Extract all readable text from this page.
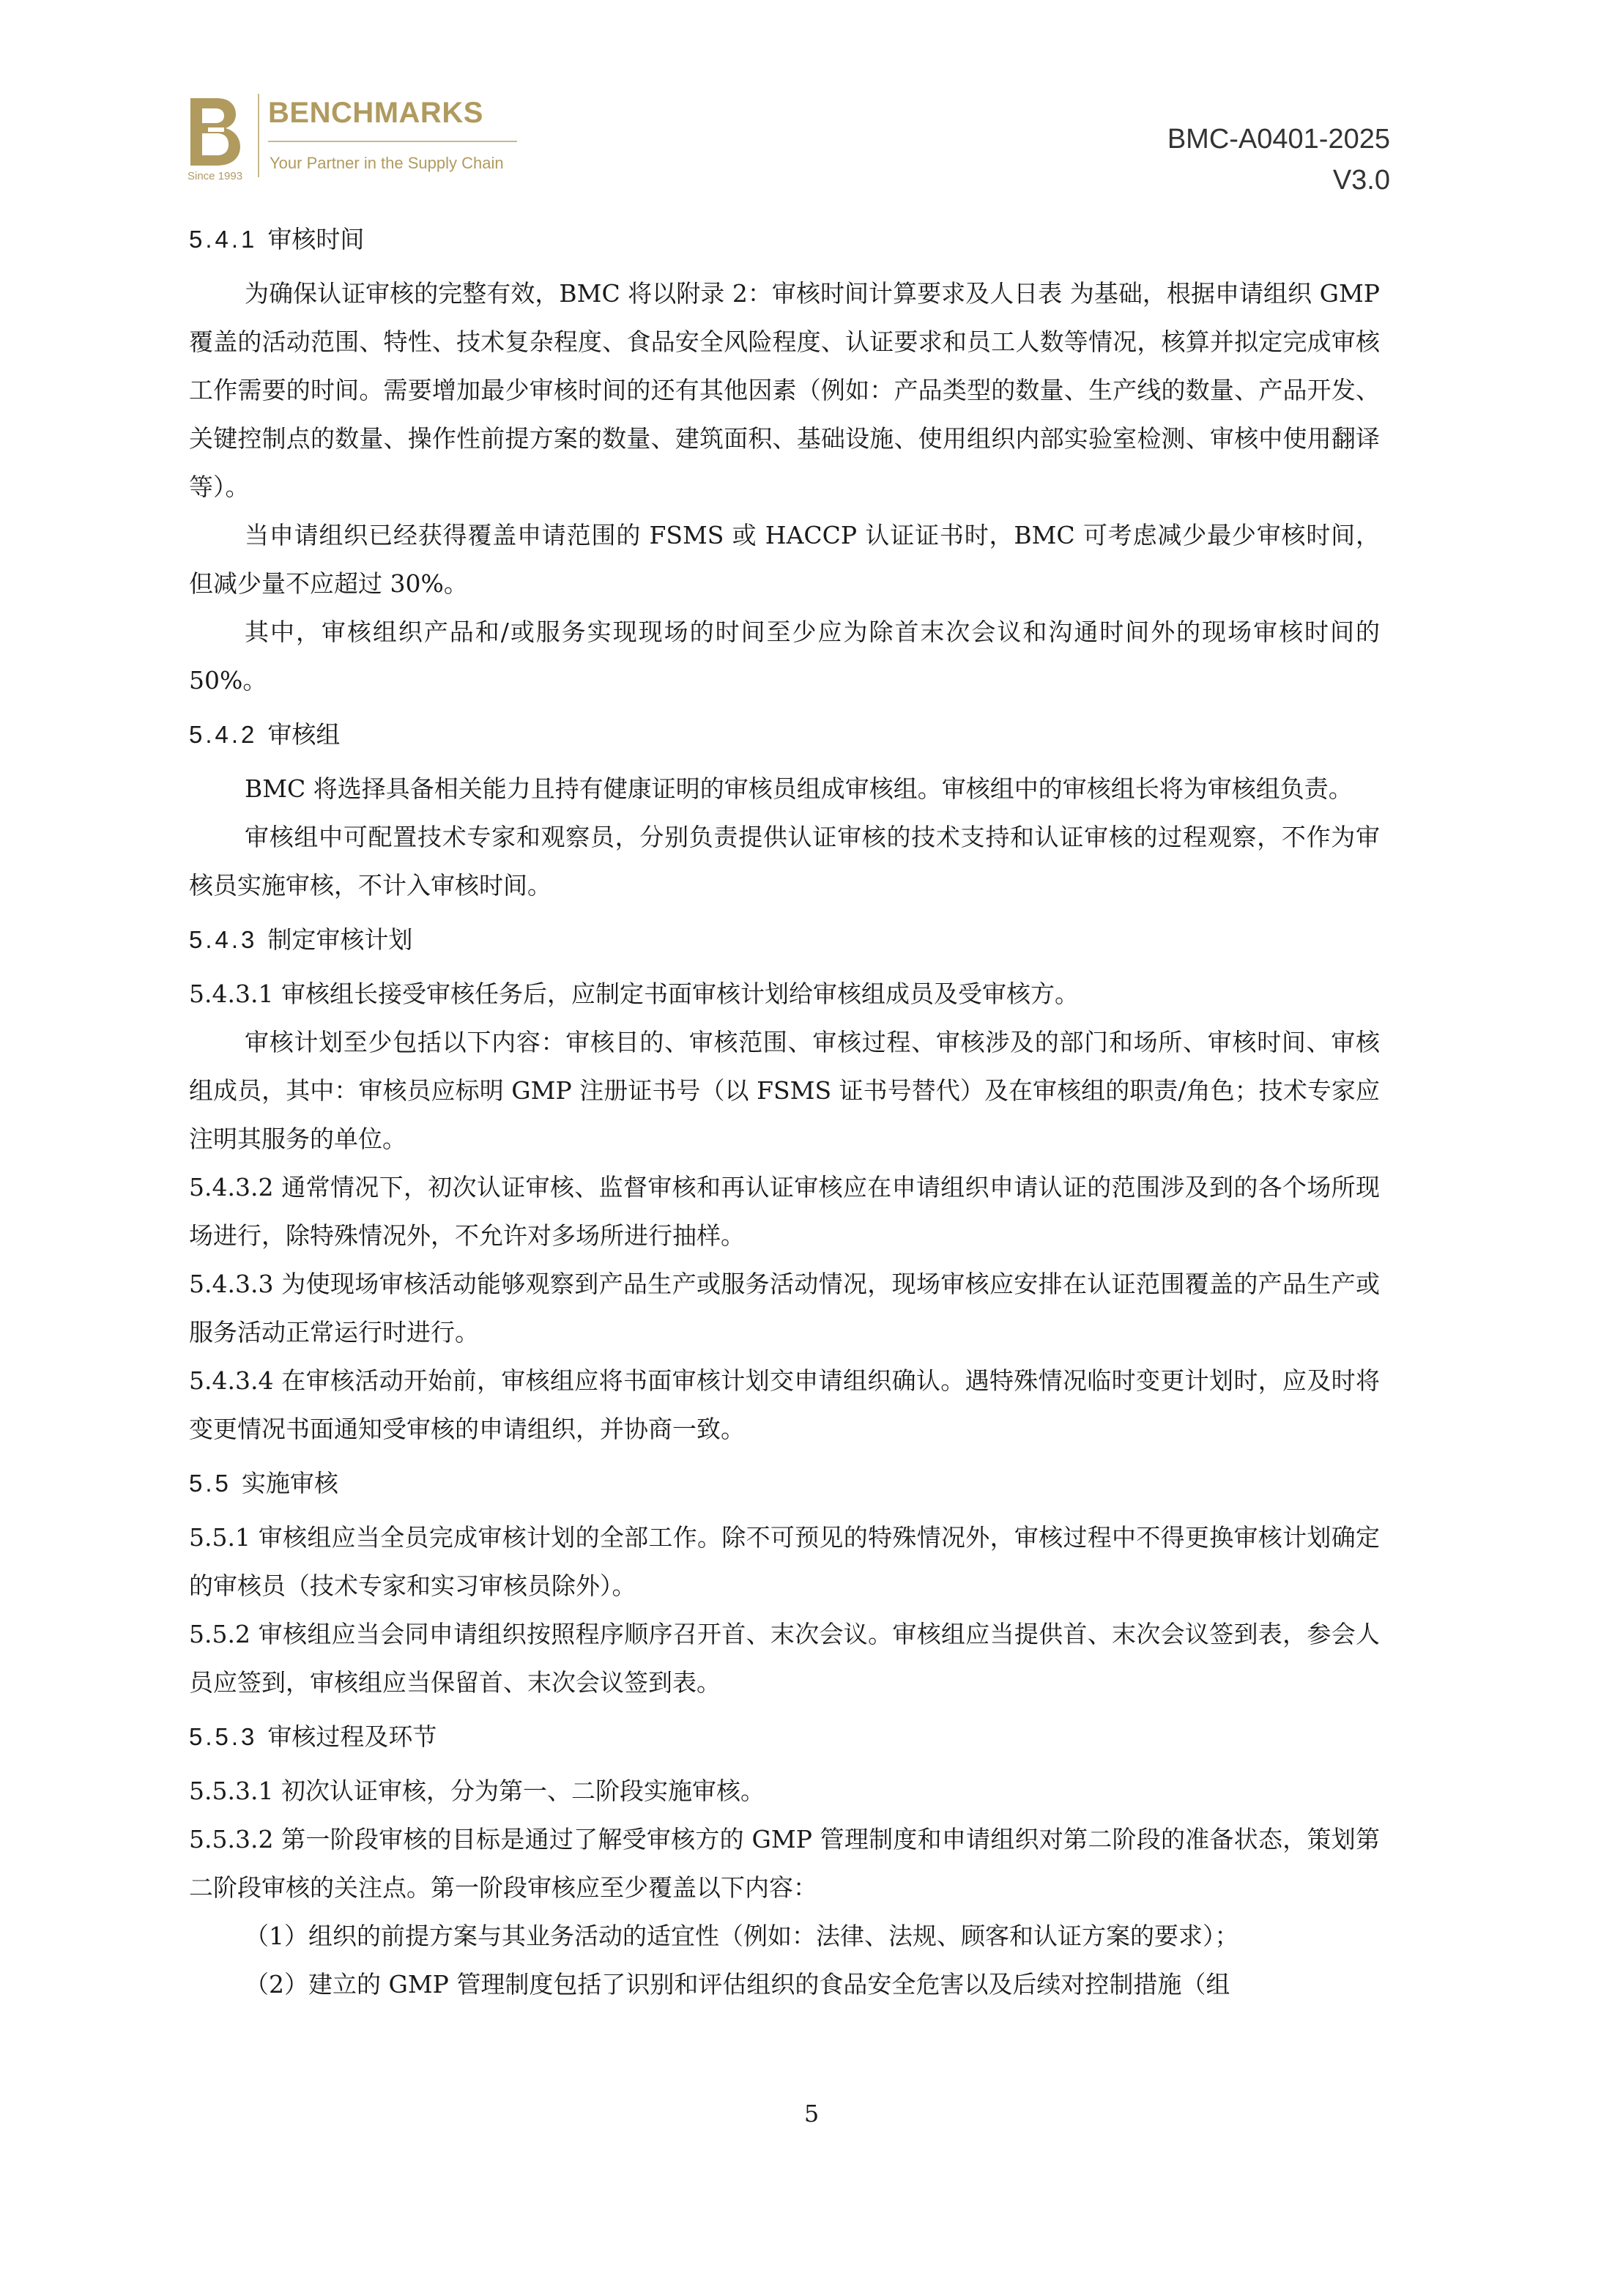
Since 1993
BENCHMARKS
Your Partner in the Supply Chain
BMC-A0401-2025
V3.0
5.4.1 审核时间

为确保认证审核的完整有效，BMC 将以附录 2：审核时间计算要求及人日表 为基础，根据申请组织 GMP 覆盖的活动范围、特性、技术复杂程度、食品安全风险程度、认证要求和员工人数等情况，核算并拟定完成审核工作需要的时间。需要增加最少审核时间的还有其他因素（例如：产品类型的数量、生产线的数量、产品开发、关键控制点的数量、操作性前提方案的数量、建筑面积、基础设施、使用组织内部实验室检测、审核中使用翻译等）。

当申请组织已经获得覆盖申请范围的 FSMS 或 HACCP 认证证书时，BMC 可考虑减少最少审核时间，但减少量不应超过 30%。

其中，审核组织产品和/或服务实现现场的时间至少应为除首末次会议和沟通时间外的现场审核时间的 50%。

5.4.2 审核组

BMC 将选择具备相关能力且持有健康证明的审核员组成审核组。审核组中的审核组长将为审核组负责。

审核组中可配置技术专家和观察员，分别负责提供认证审核的技术支持和认证审核的过程观察，不作为审核员实施审核，不计入审核时间。

5.4.3 制定审核计划

5.4.3.1 审核组长接受审核任务后，应制定书面审核计划给审核组成员及受审核方。

审核计划至少包括以下内容：审核目的、审核范围、审核过程、审核涉及的部门和场所、审核时间、审核组成员，其中：审核员应标明 GMP 注册证书号（以 FSMS 证书号替代）及在审核组的职责/角色；技术专家应注明其服务的单位。

5.4.3.2 通常情况下，初次认证审核、监督审核和再认证审核应在申请组织申请认证的范围涉及到的各个场所现场进行，除特殊情况外，不允许对多场所进行抽样。

5.4.3.3 为使现场审核活动能够观察到产品生产或服务活动情况，现场审核应安排在认证范围覆盖的产品生产或服务活动正常运行时进行。

5.4.3.4 在审核活动开始前，审核组应将书面审核计划交申请组织确认。遇特殊情况临时变更计划时，应及时将变更情况书面通知受审核的申请组织，并协商一致。

5.5 实施审核

5.5.1 审核组应当全员完成审核计划的全部工作。除不可预见的特殊情况外，审核过程中不得更换审核计划确定的审核员（技术专家和实习审核员除外）。

5.5.2 审核组应当会同申请组织按照程序顺序召开首、末次会议。审核组应当提供首、末次会议签到表，参会人员应签到，审核组应当保留首、末次会议签到表。

5.5.3 审核过程及环节

5.5.3.1 初次认证审核，分为第一、二阶段实施审核。

5.5.3.2 第一阶段审核的目标是通过了解受审核方的 GMP 管理制度和申请组织对第二阶段的准备状态，策划第二阶段审核的关注点。第一阶段审核应至少覆盖以下内容：

（1）组织的前提方案与其业务活动的适宜性（例如：法律、法规、顾客和认证方案的要求）；

（2）建立的 GMP 管理制度包括了识别和评估组织的食品安全危害以及后续对控制措施（组

5
